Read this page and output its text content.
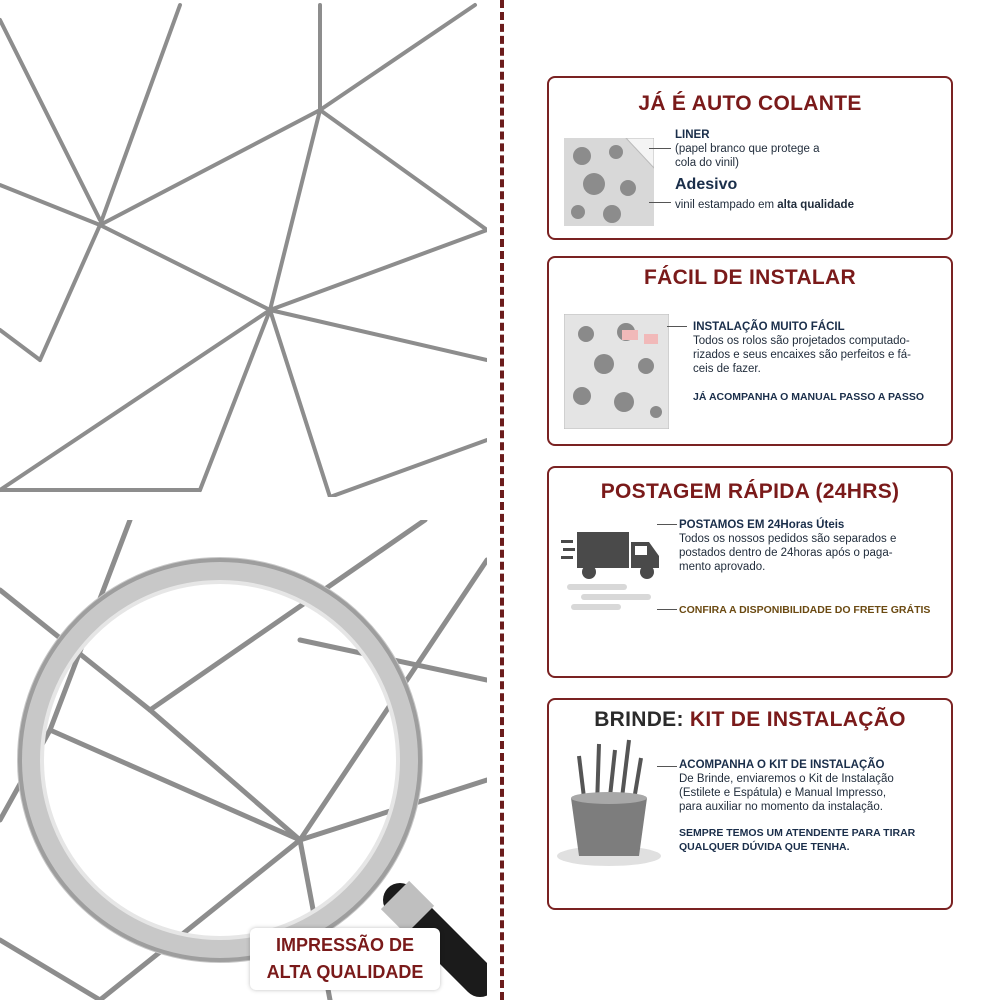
IMPRESSÃO DE
ALTA QUALIDADE
JÁ É AUTO COLANTE
LINER
(papel branco que protege a
cola do vinil)
Adesivo
vinil estampado em alta qualidade
FÁCIL DE INSTALAR
INSTALAÇÃO MUITO FÁCIL
Todos os rolos são projetados computado-
rizados e seus encaixes são perfeitos e fá-
ceis de fazer.
JÁ ACOMPANHA O MANUAL PASSO A PASSO
POSTAGEM RÁPIDA (24HRS)
POSTAMOS EM 24Horas Úteis
Todos os nossos pedidos são separados e
postados dentro de 24horas após o paga-
mento aprovado.
CONFIRA A DISPONIBILIDADE DO FRETE GRÁTIS
BRINDE: KIT DE INSTALAÇÃO
ACOMPANHA O KIT DE INSTALAÇÃO
De Brinde, enviaremos o Kit de Instalação
(Estilete e Espátula) e Manual Impresso,
para auxiliar no momento da instalação.
SEMPRE TEMOS UM ATENDENTE PARA TIRAR
QUALQUER DÚVIDA QUE TENHA.
